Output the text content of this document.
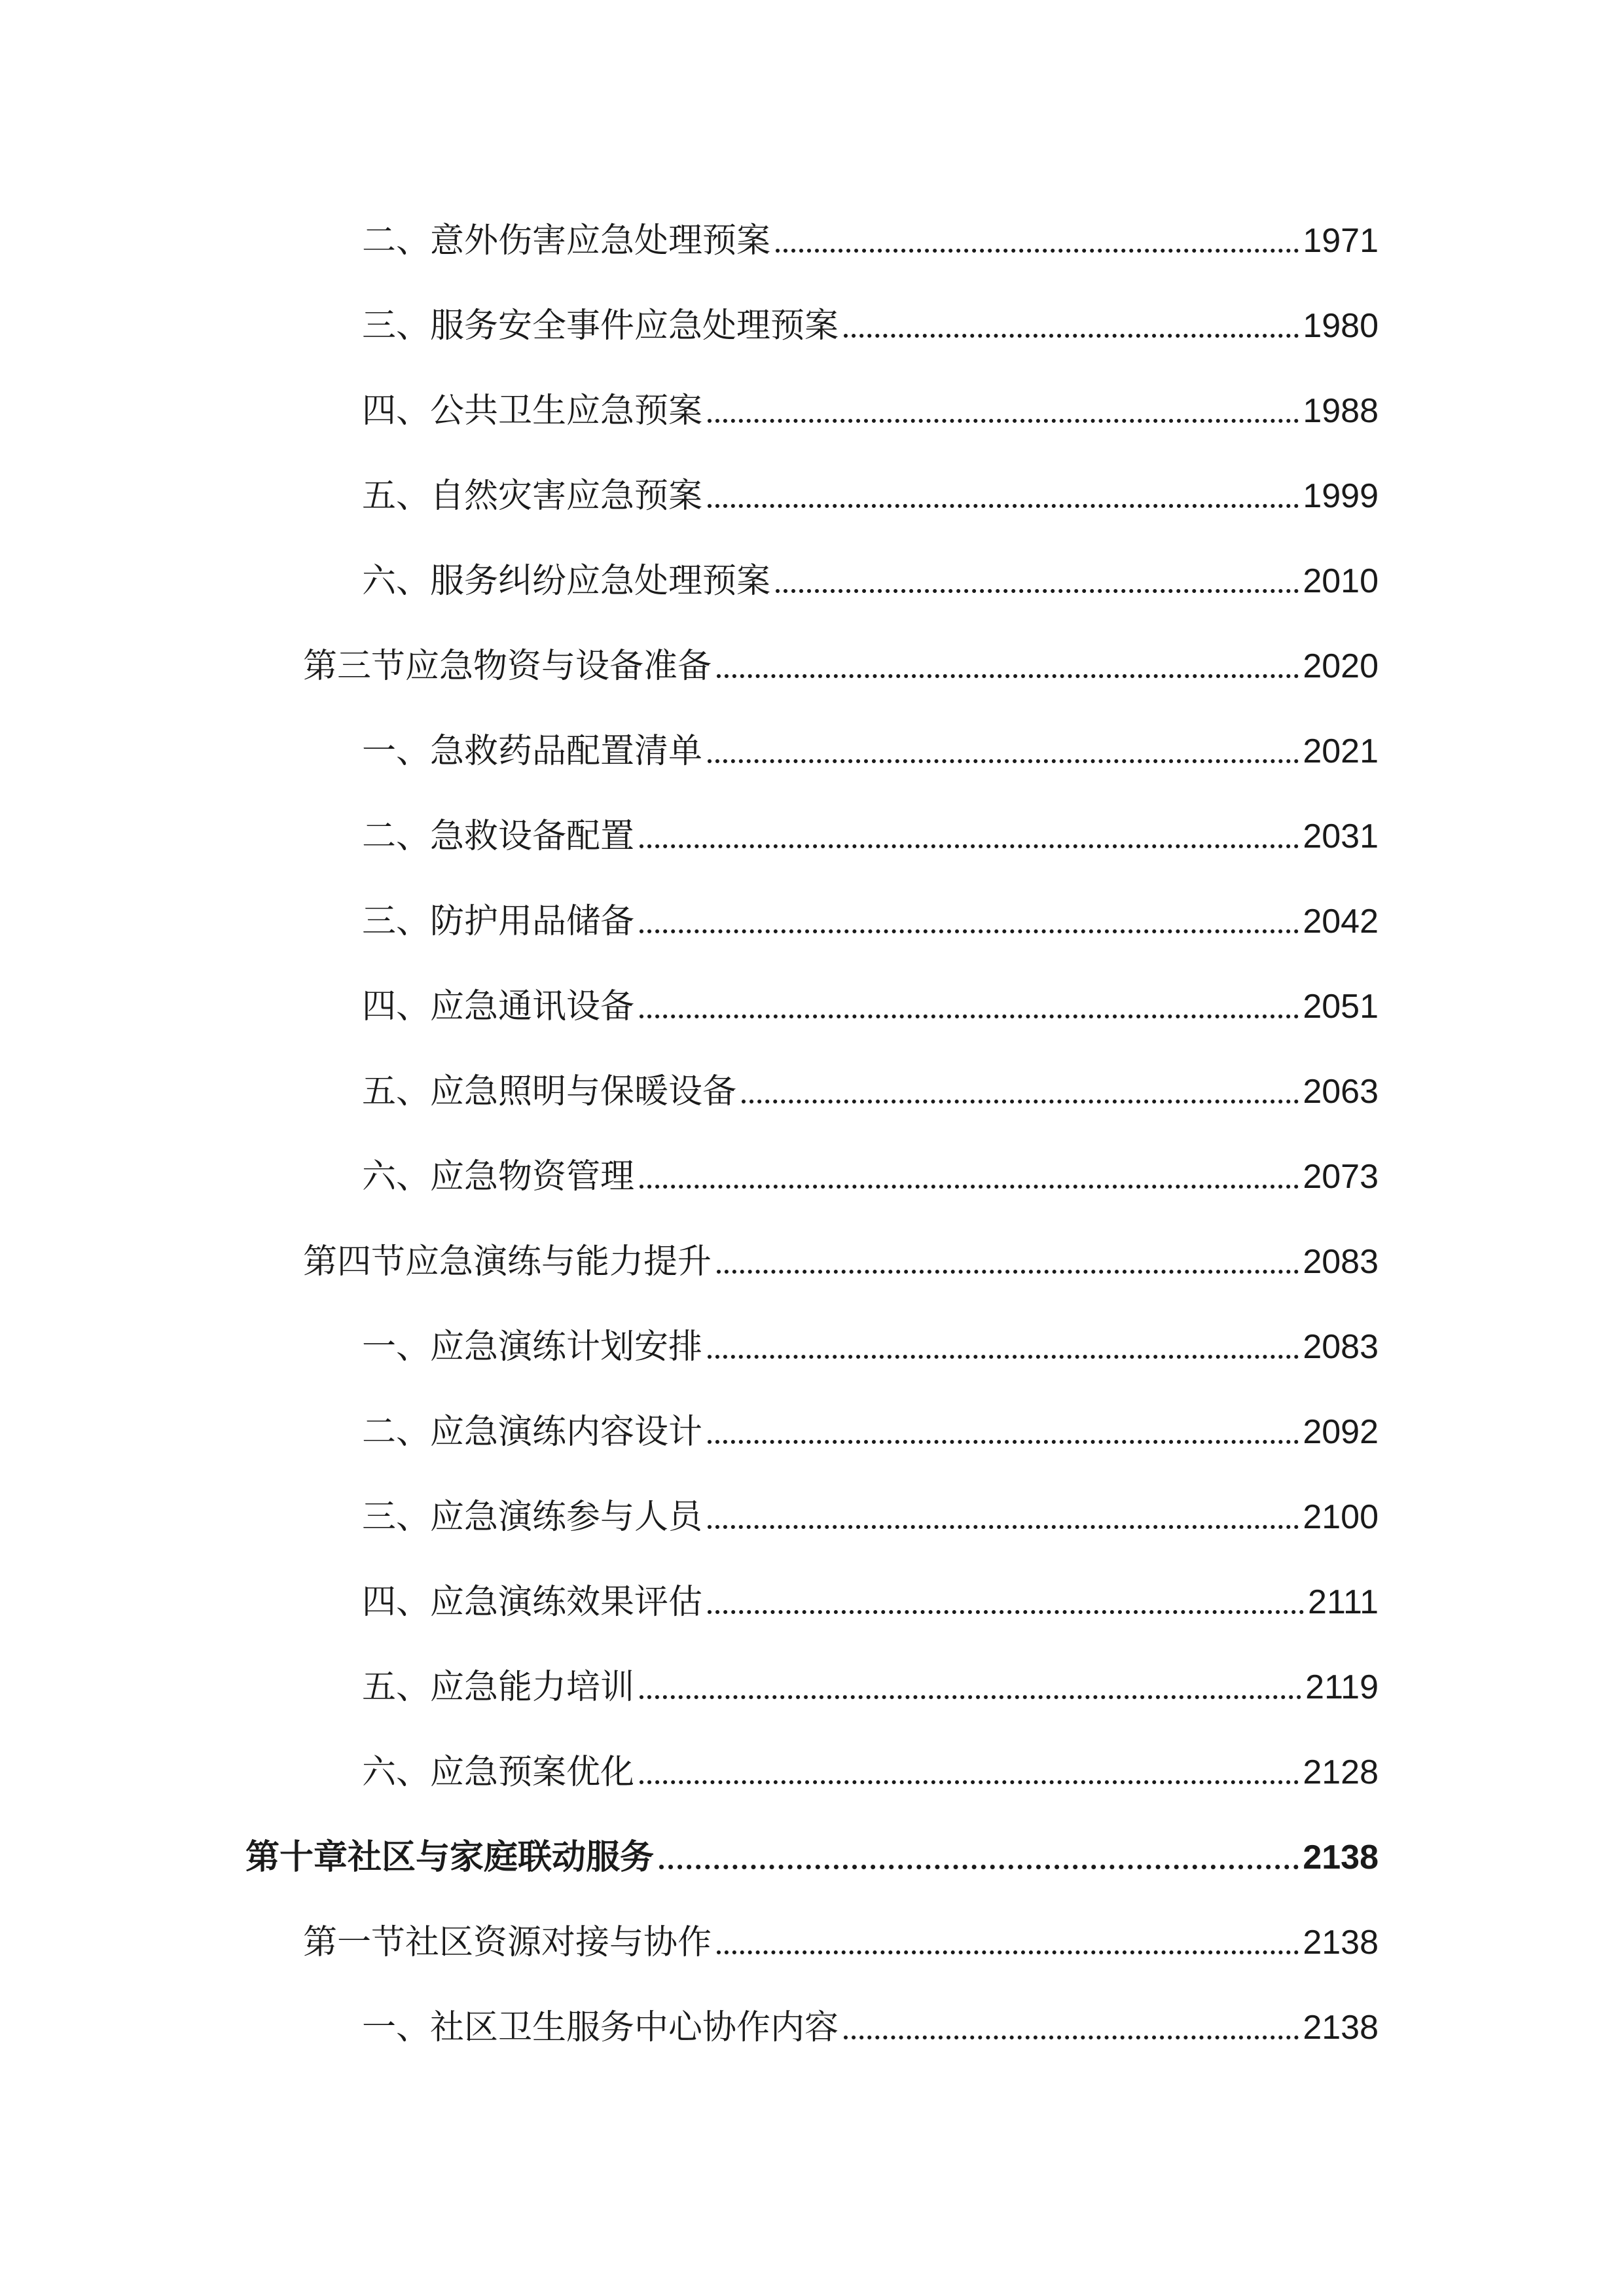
二、意外伤害应急处理预案	1971
三、服务安全事件应急处理预案	1980
四、公共卫生应急预案	1988
五、自然灾害应急预案	1999
六、服务纠纷应急处理预案	2010
第三节应急物资与设备准备	2020
一、急救药品配置清单	2021
二、急救设备配置	2031
三、防护用品储备	2042
四、应急通讯设备	2051
五、应急照明与保暖设备	2063
六、应急物资管理	2073
第四节应急演练与能力提升	2083
一、应急演练计划安排	2083
二、应急演练内容设计	2092
三、应急演练参与人员	2100
四、应急演练效果评估	2111
五、应急能力培训	2119
六、应急预案优化	2128
第十章社区与家庭联动服务	2138
第一节社区资源对接与协作	2138
一、社区卫生服务中心协作内容	2138
